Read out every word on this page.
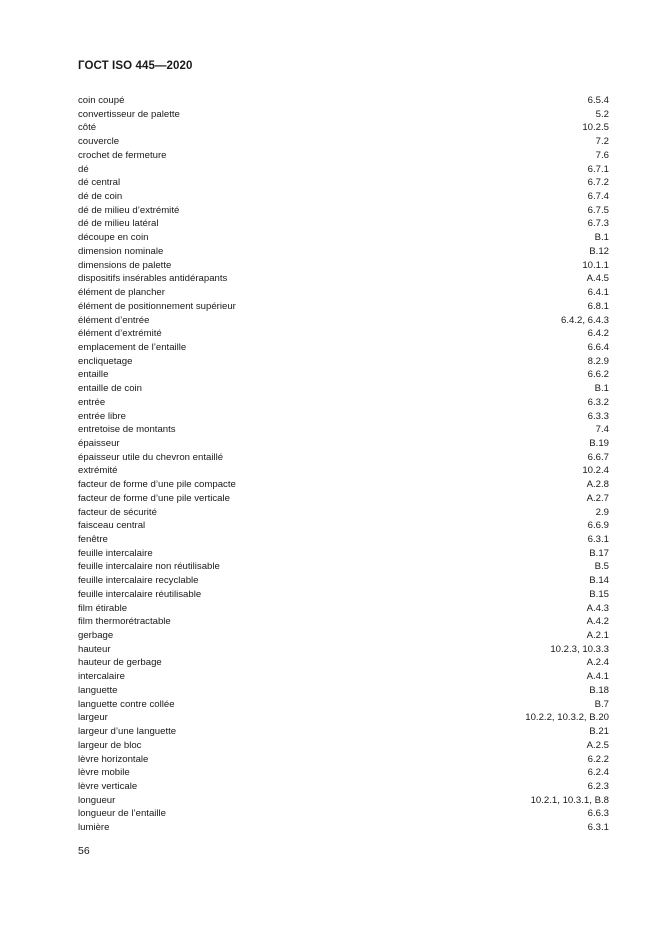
ГОСТ ISO 445—2020
coin coupé	6.5.4
convertisseur de palette	5.2
côté	10.2.5
couvercle	7.2
crochet de fermeture	7.6
dé	6.7.1
dé central	6.7.2
dé de coin	6.7.4
dé de milieu d’extrémité	6.7.5
dé de milieu latéral	6.7.3
découpe en coin	B.1
dimension nominale	B.12
dimensions de palette	10.1.1
dispositifs insérables antidérapants	A.4.5
élément de plancher	6.4.1
élément de positionnement supérieur	6.8.1
élément d’entrée	6.4.2, 6.4.3
élément d’extrémité	6.4.2
emplacement de l’entaille	6.6.4
encliquetage	8.2.9
entaille	6.6.2
entaille de coin	B.1
entrée	6.3.2
entrée libre	6.3.3
entretoise de montants	7.4
épaisseur	B.19
épaisseur utile du chevron entaillé	6.6.7
extrémité	10.2.4
facteur de forme d’une pile compacte	A.2.8
facteur de forme d’une pile verticale	A.2.7
facteur de sécurité	2.9
faisceau central	6.6.9
fenêtre	6.3.1
feuille intercalaire	B.17
feuille intercalaire non réutilisable	B.5
feuille intercalaire recyclable	B.14
feuille intercalaire réutilisable	B.15
film étirable	A.4.3
film thermorétractable	A.4.2
gerbage	A.2.1
hauteur	10.2.3, 10.3.3
hauteur de gerbage	A.2.4
intercalaire	A.4.1
languette	B.18
languette contre collée	B.7
largeur	10.2.2, 10.3.2, B.20
largeur d’une languette	B.21
largeur de bloc	A.2.5
lèvre horizontale	6.2.2
lèvre mobile	6.2.4
lèvre verticale	6.2.3
longueur	10.2.1, 10.3.1, B.8
longueur de l’entaille	6.6.3
lumière	6.3.1
56
